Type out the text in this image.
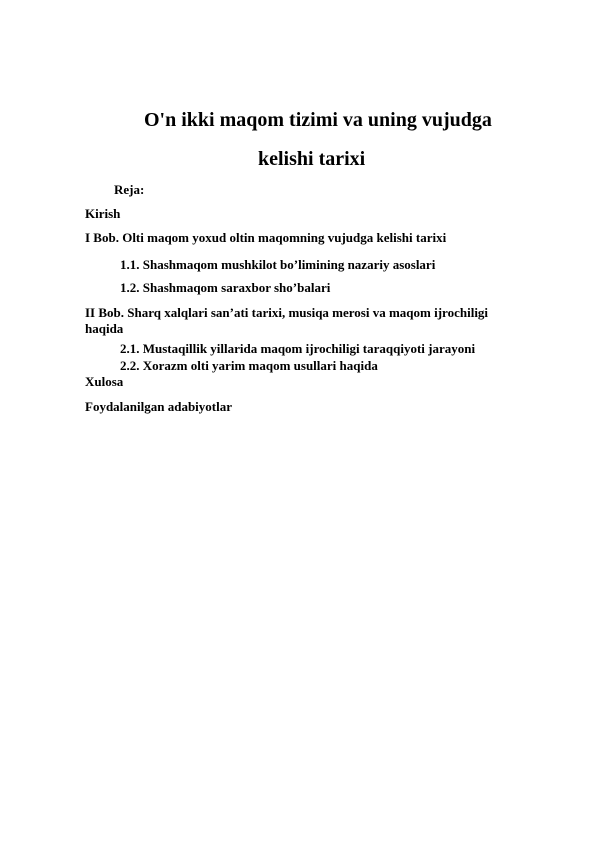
O'n ikki maqom tizimi va uning vujudga
kelishi tarixi
Reja:
Kirish
I Bob. Olti maqom yoxud oltin maqomning vujudga kelishi tarixi
1.1. Shashmaqom mushkilot bo’limining nazariy asoslari
1.2. Shashmaqom saraxbor sho’balari
II Bob. Sharq xalqlari san’ati tarixi, musiqa merosi va maqom ijrochiligi
haqida
2.1. Mustaqillik yillarida maqom ijrochiligi taraqqiyoti jarayoni
2.2. Xorazm olti yarim maqom usullari haqida
Xulosa
Foydalanilgan adabiyotlar
